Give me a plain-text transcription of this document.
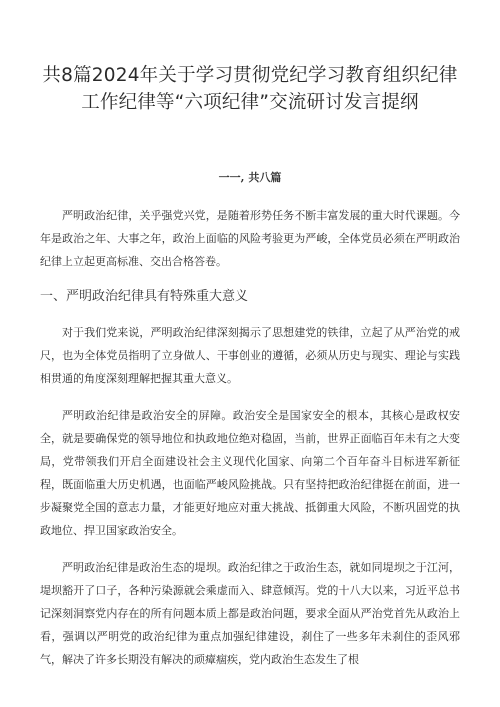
共8篇2024年关于学习贯彻党纪学习教育组织纪律
工作纪律等“六项纪律”交流研讨发言提纲
一一, 共八篇

严明政治纪律，关乎强党兴党，是随着形势任务不断丰富发展的重大时代课题。今年是政治之年、大事之年，政治上面临的风险考验更为严峻，全体党员必须在严明政治纪律上立起更高标准、交出合格答卷。

一、严明政治纪律具有特殊重大意义

对于我们党来说，严明政治纪律深刻揭示了思想建党的铁律，立起了从严治党的戒尺，也为全体党员指明了立身做人、干事创业的遵循，必须从历史与现实、理论与实践相贯通的角度深刻理解把握其重大意义。

严明政治纪律是政治安全的屏障。政治安全是国家安全的根本，其核心是政权安全，就是要确保党的领导地位和执政地位绝对稳固，当前，世界正面临百年未有之大变局，党带领我们开启全面建设社会主义现代化国家、向第二个百年奋斗目标进军新征程，既面临重大历史机遇，也面临严峻风险挑战。只有坚持把政治纪律挺在前面，进一步凝聚党全国的意志力量，才能更好地应对重大挑战、抵御重大风险，不断巩固党的执政地位、捍卫国家政治安全。

严明政治纪律是政治生态的堤坝。政治纪律之于政治生态，就如同堤坝之于江河，堤坝豁开了口子，各种污染源就会乘虚而入、肆意倾泻。党的十八大以来，习近平总书记深刻洞察党内存在的所有问题本质上都是政治问题，要求全面从严治党首先从政治上看，强调以严明党的政治纪律为重点加强纪律建设，刹住了一些多年未刹住的歪风邪气，解决了许多长期没有解决的顽瘴痼疾，党内政治生态发生了根
